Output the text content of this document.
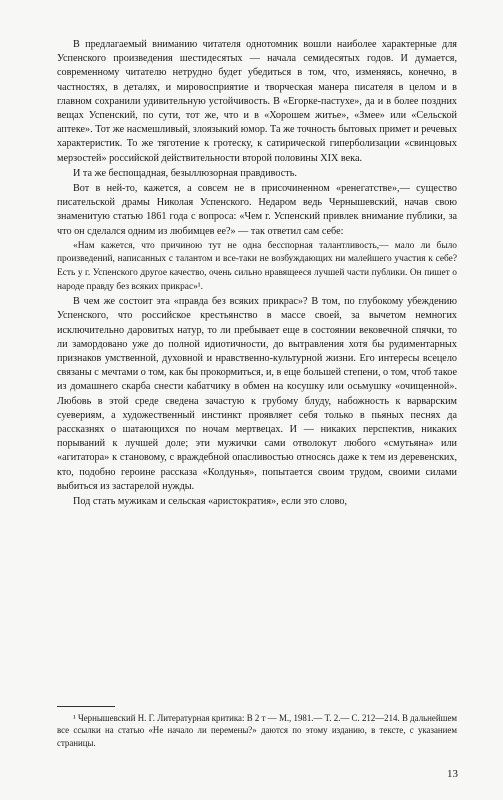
В предлагаемый вниманию читателя однотомник вошли наиболее характерные для Успенского произведения шестидесятых — начала семидесятых годов. И думается, современному читателю нетрудно будет убедиться в том, что, изменяясь, конечно, в частностях, в деталях, и мировосприятие и творческая манера писателя в целом и в главном сохранили удивительную устойчивость. В «Егорке-пастухе», да и в более поздних вещах Успенский, по сути, тот же, что и в «Хорошем житье», «Змее» или «Сельской аптеке». Тот же насмешливый, злоязыкий юмор. Та же точность бытовых примет и речевых характеристик. То же тяготение к гротеску, к сатирической гиперболизации «свинцовых мерзостей» российской действительности второй половины XIX века.

И та же беспощадная, безыллюзорная правдивость.

Вот в ней-то, кажется, а совсем не в присочиненном «ренегатстве»,— существо писательской драмы Николая Успенского. Недаром ведь Чернышевский, начав свою знаменитую статью 1861 года с вопроса: «Чем г. Успенский привлек внимание публики, за что он сделался одним из любимцев ее?» — так ответил сам себе:

«Нам кажется, что причиною тут не одна бесспорная талантливость,— мало ли было произведений, написанных с талантом и все-таки не возбуждающих ни малейшего участия к себе? Есть у г. Успенского другое качество, очень сильно нравящееся лучшей части публики. Он пишет о народе правду без всяких прикрас»¹.

В чем же состоит эта «правда без всяких прикрас»? В том, по глубокому убеждению Успенского, что российское крестьянство в массе своей, за вычетом немногих исключительно даровитых натур, то ли пребывает еще в состоянии вековечной спячки, то ли замордовано уже до полной идиотичности, до вытравления хотя бы рудиментарных признаков умственной, духовной и нравственно-культурной жизни. Его интересы всецело связаны с мечтами о том, как бы прокормиться, и, в еще большей степени, о том, чтоб такое из домашнего скарба снести кабатчику в обмен на косушку или осьмушку «очищенной». Любовь в этой среде сведена зачастую к грубому блуду, набожность к варварским суевериям, а художественный инстинкт проявляет себя только в пьяных песнях да рассказнях о шатающихся по ночам мертвецах. И — никаких перспектив, никаких порываний к лучшей доле; эти мужички сами отволокут любого «смутьяна» или «агитатора» к становому, с враждебной опасливостью относясь даже к тем из деревенских, кто, подобно героине рассказа «Колдунья», попытается своим трудом, своими силами выбиться из застарелой нужды.

Под стать мужикам и сельская «аристократия», если это слово,

¹ Чернышевский Н. Г. Литературная критика: В 2 т — М., 1981.— Т. 2.— С. 212—214. В дальнейшем все ссылки на статью «Не начало ли перемены?» даются по этому изданию, в тексте, с указанием страницы.

13
